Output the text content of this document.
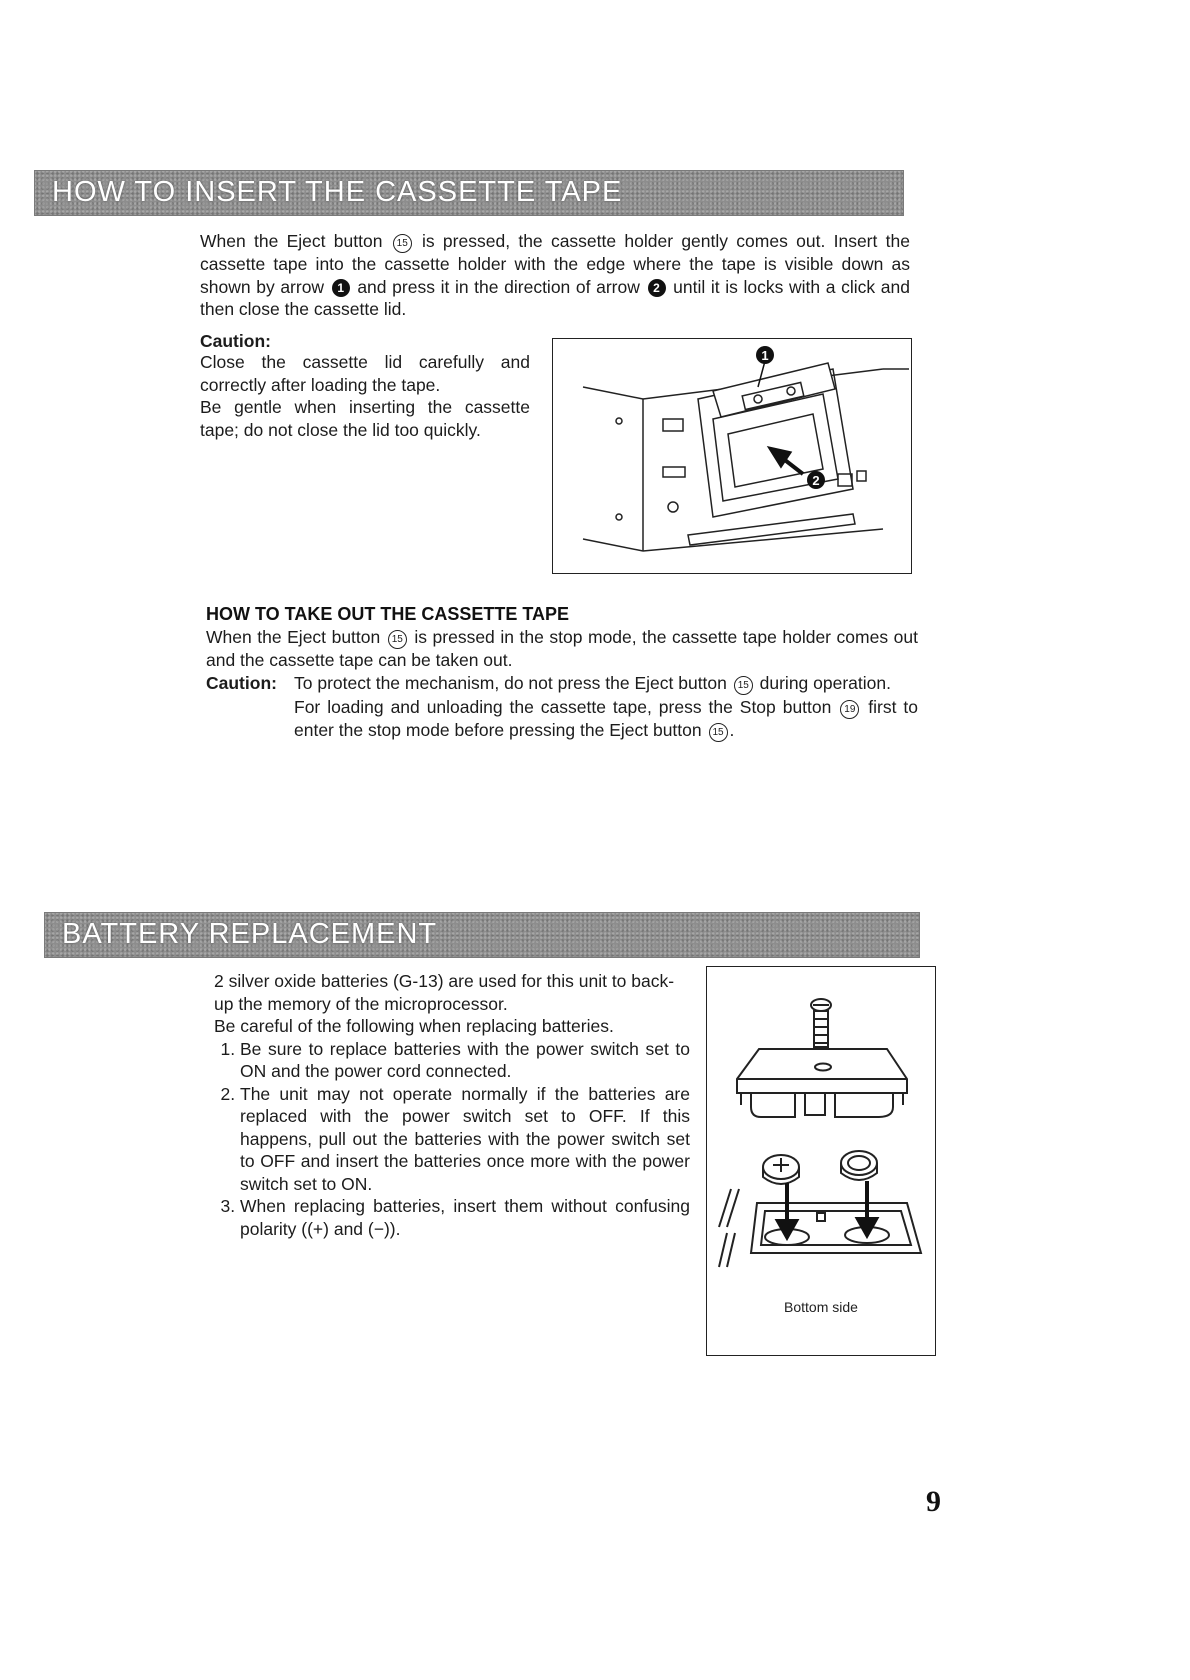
HOW TO INSERT THE CASSETTE TAPE
When the Eject button 15 is pressed, the cassette holder gently comes out. Insert the cassette tape into the cassette holder with the edge where the tape is visible down as shown by arrow 1 and press it in the direction of arrow 2 until it is locks with a click and then close the cassette lid.
Caution:

Close the cassette lid carefully and correctly after loading the tape.

Be gentle when inserting the cassette tape; do not close the lid too quickly.

1
2
HOW TO TAKE OUT THE CASSETTE TAPE
When the Eject button 15 is pressed in the stop mode, the cassette tape holder comes out and the cassette tape can be taken out.
Caution: To protect the mechanism, do not press the Eject button 15 during operation.

For loading and unloading the cassette tape, press the Stop button 19 first to enter the stop mode before pressing the Eject button 15 .

BATTERY REPLACEMENT

2 silver oxide batteries (G-13) are used for this unit to back-up the memory of the microprocessor.

Be careful of the following when replacing batteries.

1. Be sure to replace batteries with the power switch set to ON and the power cord connected.
2. The unit may not operate normally if the batteries are replaced with the power switch set to OFF. If this happens, pull out the batteries with the power switch set to OFF and insert the batteries once more with the power switch set to ON.
3. When replacing batteries, insert them without confusing polarity ((+) and (−)).
Bottom side
9
